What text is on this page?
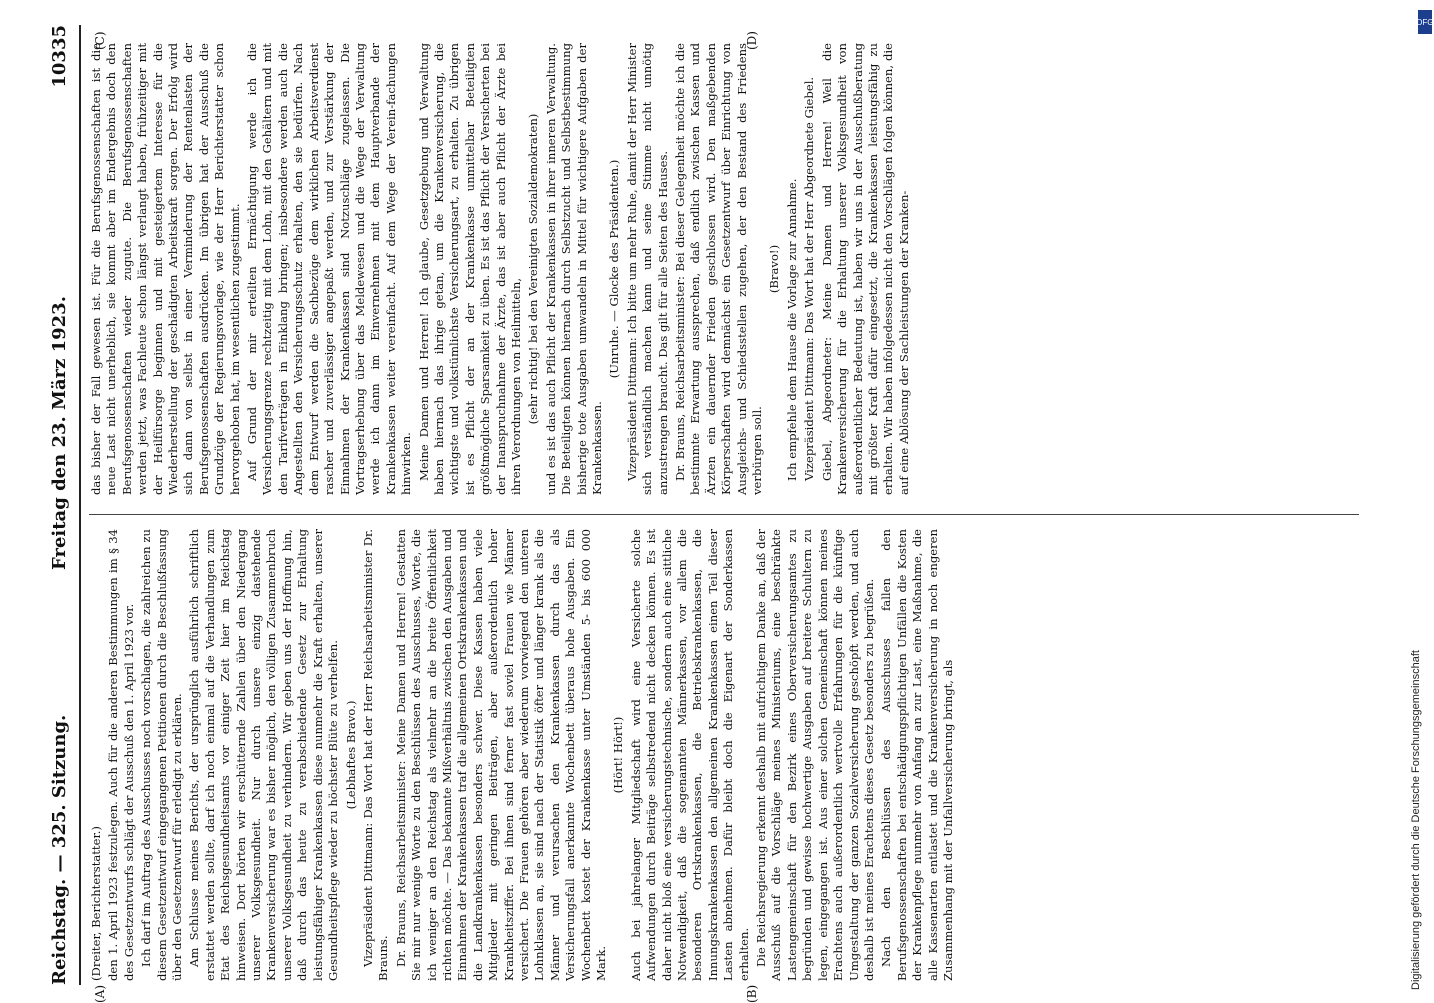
Reichstag. — 325. Sitzung.
Freitag den 23. März 1923.
10335
(A)	(B)
(C)	(D)

(Dreiter, Berichterstatter.) den 1. April 1923 festzulegen. Auch für die anderen Bestimmungen im § 34 des Gesetzentwurfs schlägt der Ausschuß den 1. April 1923 vor. Ich darf im Auftrag des Ausschusses noch vorschlagen, die zahlreichen zu diesem Gesetzentwurf eingegangenen Petitionen durch die Beschlußfassung über den Gesetzentwurf für erledigt zu erklären. Am Schlusse meines Berichts, der ursprünglich ausführlich schriftlich erstattet werden sollte, darf ich noch einmal auf die Verhandlungen zum Etat des Reichsgesundheitsamts vor einiger Zeit hier im Reichstag hinweisen. Dort hörten wir erschütternde Zahlen über den Niedergang unserer Volksgesundheit. Nur durch unsere einzig dastehende Krankenversicherung war es bisher möglich, den völligen Zusammenbruch unserer Volksgesundheit zu verhindern. Wir geben uns der Hoffnung hin, daß durch das heute zu verabschiedende Gesetz zur Erhaltung leistungsfähiger Krankenkassen diese nunmehr die Kraft erhalten, unserer Gesundheitspflege wieder zu höchster Blüte zu verhelfen. (Lebhaftes Bravo.) Vizepräsident Dittmann: Das Wort hat der Herr Reichsarbeitsminister Dr. Brauns. Dr. Brauns, Reichsarbeitsminister: Meine Damen und Herren! Gestatten Sie mir nur wenige Worte zu den Beschlüssen des Ausschusses, Worte, die ich weniger an den Reichstag als vielmehr an die breite Öffentlichkeit richten möchte. — Das bekannte Mißverhältnis zwischen den Ausgaben und Einnahmen der Krankenkassen traf die allgemeinen Ortskrankenkassen und die Landkrankenkassen besonders schwer. Diese Kassen haben viele Mitglieder mit geringen Beiträgen, aber außerordentlich hoher Krankheitsziffer. Bei ihnen sind ferner fast soviel Frauen wie Männer versichert. Die Frauen gehören aber wiederum vorwiegend den unteren Lohnklassen an, sie sind nach der Statistik öfter und länger krank als die Männer und verursachen den Krankenkassen durch das als Versicherungsfall anerkannte Wochenbett überaus hohe Ausgaben. Ein Wochenbett kostet der Krankenkasse unter Umständen 5- bis 600 000 Mark.

(Hört! Hört!) Auch bei jahrelanger Mitgliedschaft wird eine Versicherte solche Aufwendungen durch Beiträge selbstredend nicht decken können. Es ist daher nicht bloß eine versicherungstechnische, sondern auch eine sittliche Notwendigkeit, daß die sogenannten Männerkassen, vor allem die besonderen Ortskrankenkassen, die Betriebskrankenkassen, die Innungskrankenkassen den allgemeinen Krankenkassen einen Teil dieser Lasten abnehmen. Dafür bleibt doch die Eigenart der Sonderkassen erhalten. Die Reichsregierung erkennt deshalb mit aufrichtigem Danke an, daß der Ausschuß auf die Vorschläge meines Ministeriums, eine beschränkte Lastengemeinschaft für den Bezirk eines Oberversicherungsamtes zu begründen und gewisse hochwertige Ausgaben auf breitere Schultern zu legen, eingegangen ist. Aus einer solchen Gemeinschaft können meines Erachtens auch außerordentlich wertvolle Erfahrungen für die künftige Umgestaltung der ganzen Sozialversicherung geschöpft werden, und auch deshalb ist meines Erachtens dieses Gesetz besonders zu begrüßen. Nach den Beschlüssen des Ausschusses fallen den Berufsgenossenschaften bei entschädigungspflichtigen Unfällen die Kosten der Krankenpflege nunmehr von Anfang an zur Last, eine Maßnahme, die alle Kassenarten entlastet und die Krankenversicherung in noch engeren Zusammenhang mit der Unfallversicherung bringt, als

das bisher der Fall gewesen ist. Für die Berufsgenossenschaften ist die neue Last nicht unerheblich, sie kommt aber im Endergebnis doch den Berufsgenossenschaften wieder zugute. Die Berufsgenossenschaften werden jetzt, was Fachleute schon längst verlangt haben, frühzeitiger mit der Heilfürsorge beginnen und mit gesteigertem Interesse für die Wiederherstellung der geschädigten Arbeitskraft sorgen. Der Erfolg wird sich dann von selbst in einer Verminderung der Rentenlasten der Berufsgenossenschaften ausdrücken. Im übrigen hat der Ausschuß die Grundzüge der Regierungsvorlage, wie der Herr Berichterstatter schon hervorgehoben hat, im wesentlichen zugestimmt. Auf Grund der mir erteilten Ermächtigung werde ich die Versicherungsgrenze rechtzeitig mit dem Lohn, mit den Gehältern und mit den Tarifverträgen in Einklang bringen; insbesondere werden auch die Angestellten den Versicherungsschutz erhalten, den sie bedürfen. Nach dem Entwurf werden die Sachbezüge dem wirklichen Arbeitsverdienst rascher und zuverlässiger angepaßt werden, und zur Verstärkung der Einnahmen der Krankenkassen sind Notzuschläge zugelassen. Die Vortragserhebung über das Meldewesen und die Wege der Verwaltung werde ich dann im Einvernehmen mit dem Hauptverbande der Krankenkassen weiter vereinfacht. Auf dem Wege der Verein-fachungen hinwirken. Meine Damen und Herren! Ich glaube, Gesetzgebung und Verwaltung haben hiernach das ihrige getan, um die Krankenversicherung, die wichtigste und volkstümlichste Versicherungsart, zu erhalten. Zu übrigen ist es Pflicht der an der Krankenkasse unmittelbar Beteiligten größtmögliche Sparsamkeit zu üben. Es ist das Pflicht der Versicherten bei der Inanspruchnahme der Ärzte, das ist aber auch Pflicht der Ärzte bei ihren Verordnungen von Heilmitteln, (sehr richtig! bei den Vereinigten Sozialdemokraten) und es ist das auch Pflicht der Krankenkassen in ihrer inneren Verwaltung. Die Beteiligten können hiernach durch Selbstzucht und Selbstbestimmung bisherige tote Ausgaben umwandeln in Mittel für wichtigere Aufgaben der Krankenkassen.

(Unruhe. — Glocke des Präsidenten.) Vizepräsident Dittmann: Ich bitte um mehr Ruhe, damit der Herr Minister sich verständlich machen kann und seine Stimme nicht unnötig anzustrengen braucht. Das gilt für alle Seiten des Hauses. Dr. Brauns, Reichsarbeitsminister: Bei dieser Gelegenheit möchte ich die bestimmte Erwartung aussprechen, daß endlich zwischen Kassen und Ärzten ein dauernder Frieden geschlossen wird. Den maßgebenden Körperschaften wird demnächst ein Gesetzentwurf über Einrichtung von Ausgleichs- und Schiedsstellen zugehen, der den Bestand des Friedens verbürgen soll.

(Bravo!) Ich empfehle dem Hause die Vorlage zur Annahme. Vizepräsident Dittmann: Das Wort hat der Herr Abgeordnete Giebel. Giebel, Abgeordneter: Meine Damen und Herren! Weil die Krankenversicherung für die Erhaltung unserer Volksgesundheit von außerordentlicher Bedeutung ist, haben wir uns in der Ausschußberatung mit größter Kraft dafür eingesetzt, die Krankenkassen leistungsfähig zu erhalten. Wir haben infolgedessen nicht den Vorschlägen folgen können, die auf eine Ablösung der Sachleistungen der Kranken-

DFG
Digitalisierung gefördert durch die Deutsche Forschungsgemeinschaft
